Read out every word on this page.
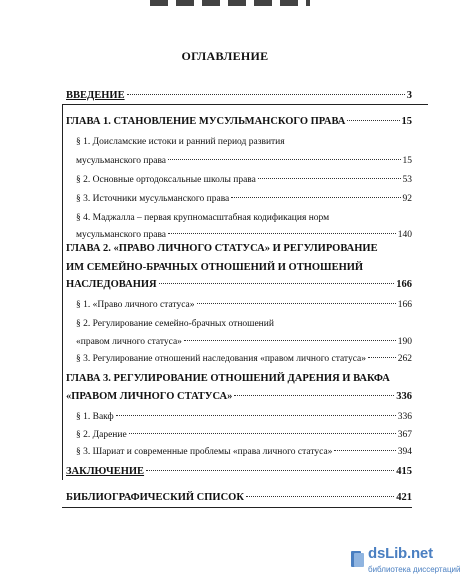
ОГЛАВЛЕНИЕ
ВВЕДЕНИЕ	3
ГЛАВА 1. СТАНОВЛЕНИЕ МУСУЛЬМАНСКОГО ПРАВА	15
§ 1. Доисламские истоки и ранний период развития
мусульманского права	15
§ 2. Основные ортодоксальные школы права	53
§ 3. Источники мусульманского права	92
§ 4. Маджалла – первая крупномасштабная кодификация норм
мусульманского права	140
ГЛАВА 2. «ПРАВО ЛИЧНОГО СТАТУСА» И РЕГУЛИРОВАНИЕ
ИМ СЕМЕЙНО-БРАЧНЫХ ОТНОШЕНИЙ И ОТНОШЕНИЙ
НАСЛЕДОВАНИЯ	166
§ 1. «Право личного статуса»	166
§ 2. Регулирование семейно-брачных отношений
«правом личного статуса»	190
§ 3. Регулирование отношений наследования «правом личного статуса»	262
ГЛАВА 3. РЕГУЛИРОВАНИЕ ОТНОШЕНИЙ ДАРЕНИЯ И ВАКФА
«ПРАВОМ ЛИЧНОГО СТАТУСА»	336
§ 1. Вакф	336
§ 2. Дарение	367
§ 3. Шариат и современные проблемы «права личного статуса»	394
ЗАКЛЮЧЕНИЕ	415
БИБЛИОГРАФИЧЕСКИЙ СПИСОК	421
dsLib.net
библиотека диссертаций
